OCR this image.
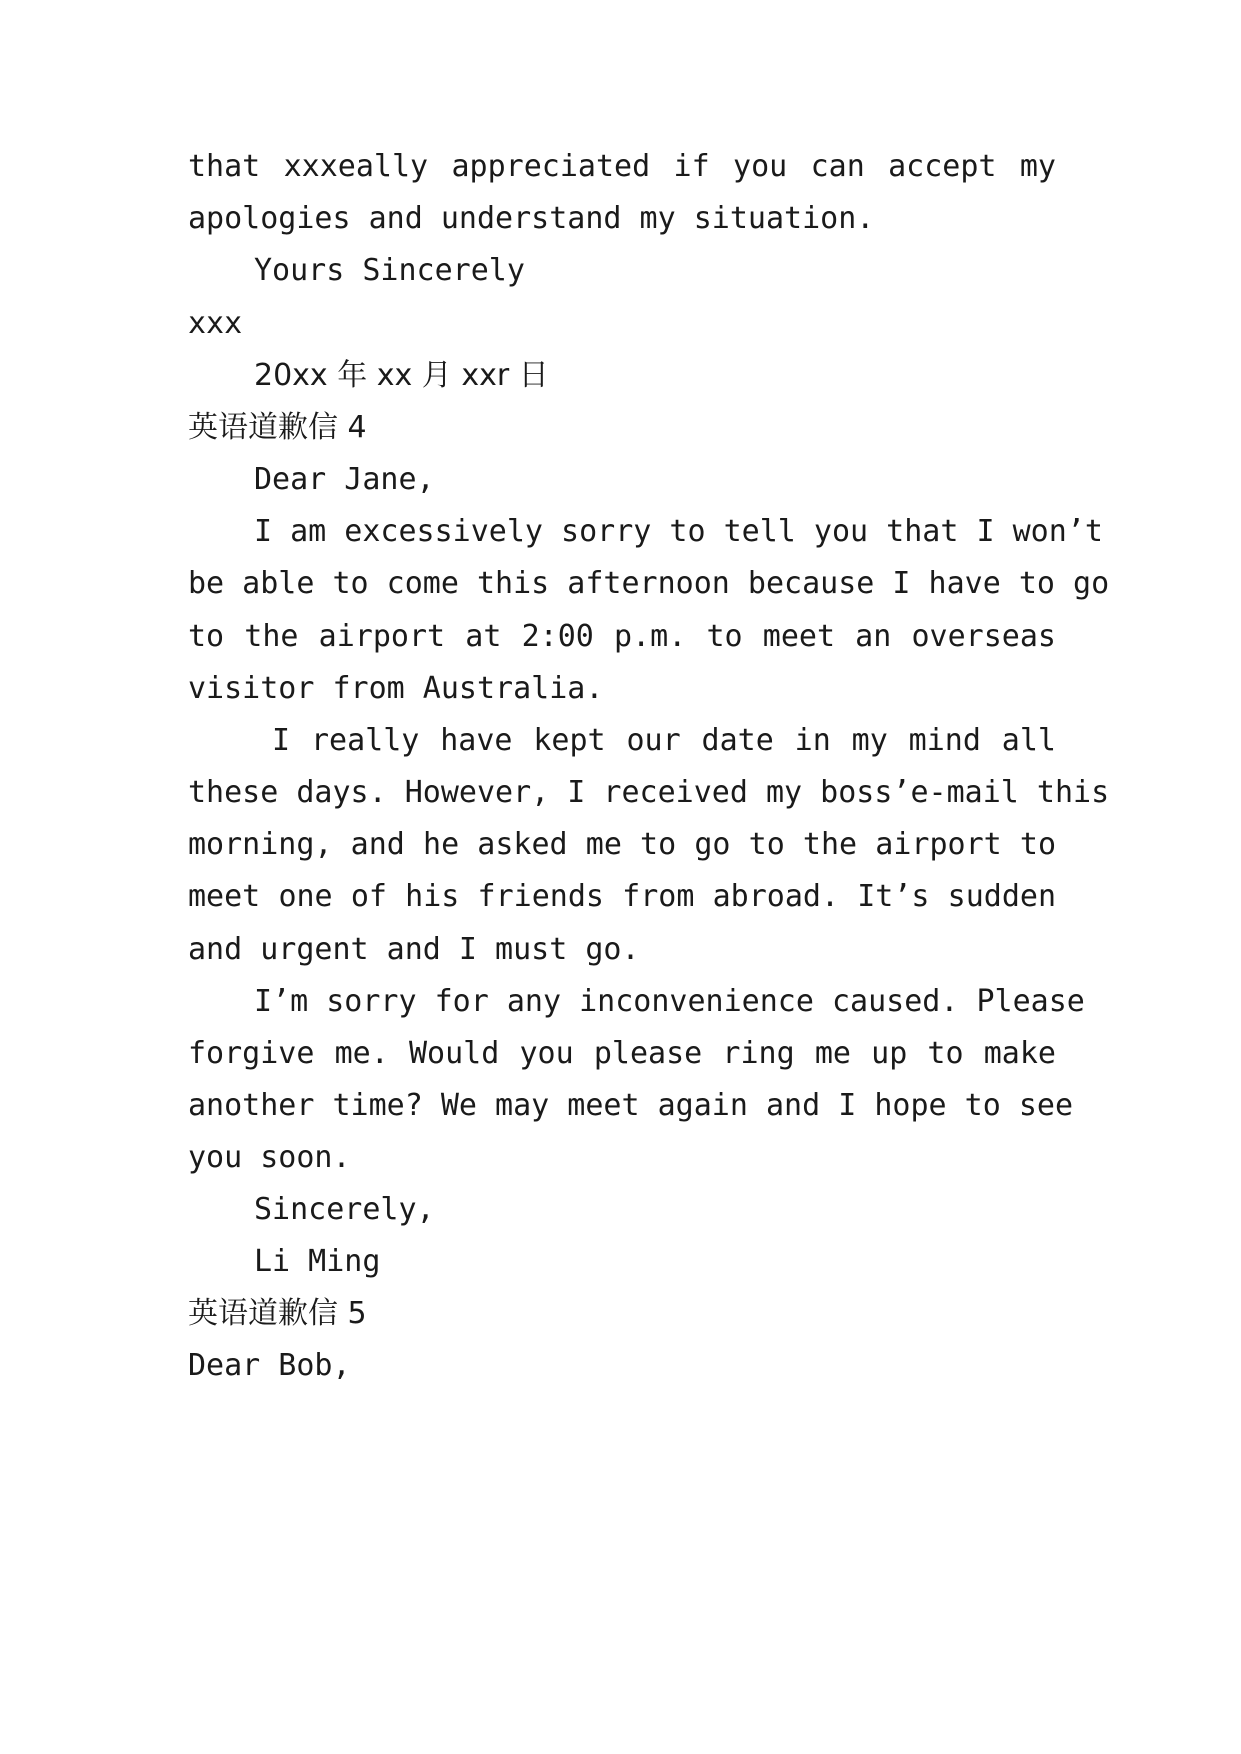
that xxxeally appreciated if you can accept my
apologies and understand my situation.
Yours Sincerely
xxx
20xx 年 xx 月 xxr 日
英语道歉信 4
Dear Jane,
I am excessively sorry to tell you that I won’t
be able to come this afternoon because I have to go
to the airport at 2:00 p.m. to meet an overseas
visitor from Australia.
I really have kept our date in my mind all
these days. However, I received my boss’e-mail this
morning, and he asked me to go to the airport to
meet one of his friends from abroad. It’s sudden
and urgent and I must go.
I’m sorry for any inconvenience caused. Please
forgive me. Would you please ring me up to make
another time? We may meet again and I hope to see
you soon.
Sincerely,
Li Ming
英语道歉信 5
Dear Bob,
